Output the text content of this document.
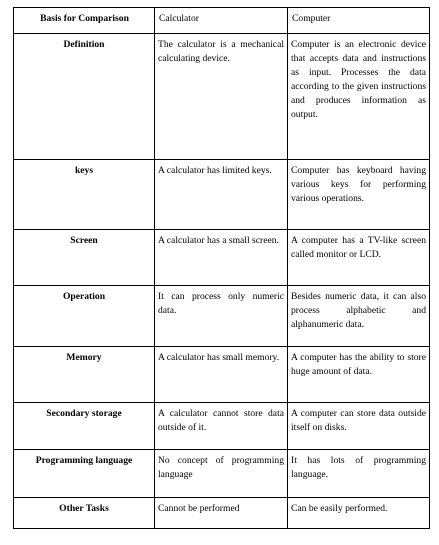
Basis for Comparison	Calculator	Computer
Definition	The calculator is a mechanical calculating device.	Computer is an electronic device that accepts data and instructions as input. Processes the data according to the given instructions and produces information as output.
keys	A calculator has limited keys.	Computer has keyboard having various keys for performing various operations.
Screen	A calculator has a small screen.	A computer has a TV-like screen called monitor or LCD.
Operation	It can process only numeric data.	Besides numeric data, it can also process alphabetic and alphanumeric data.
Memory	A calculator has small memory.	A computer has the ability to store huge amount of data.
Secondary storage	A calculator cannot store data outside of it.	A computer can store data outside itself on disks.
Programming language	No concept of programming language	It has lots of programming language.
Other Tasks	Cannot be performed	Can be easily performed.
